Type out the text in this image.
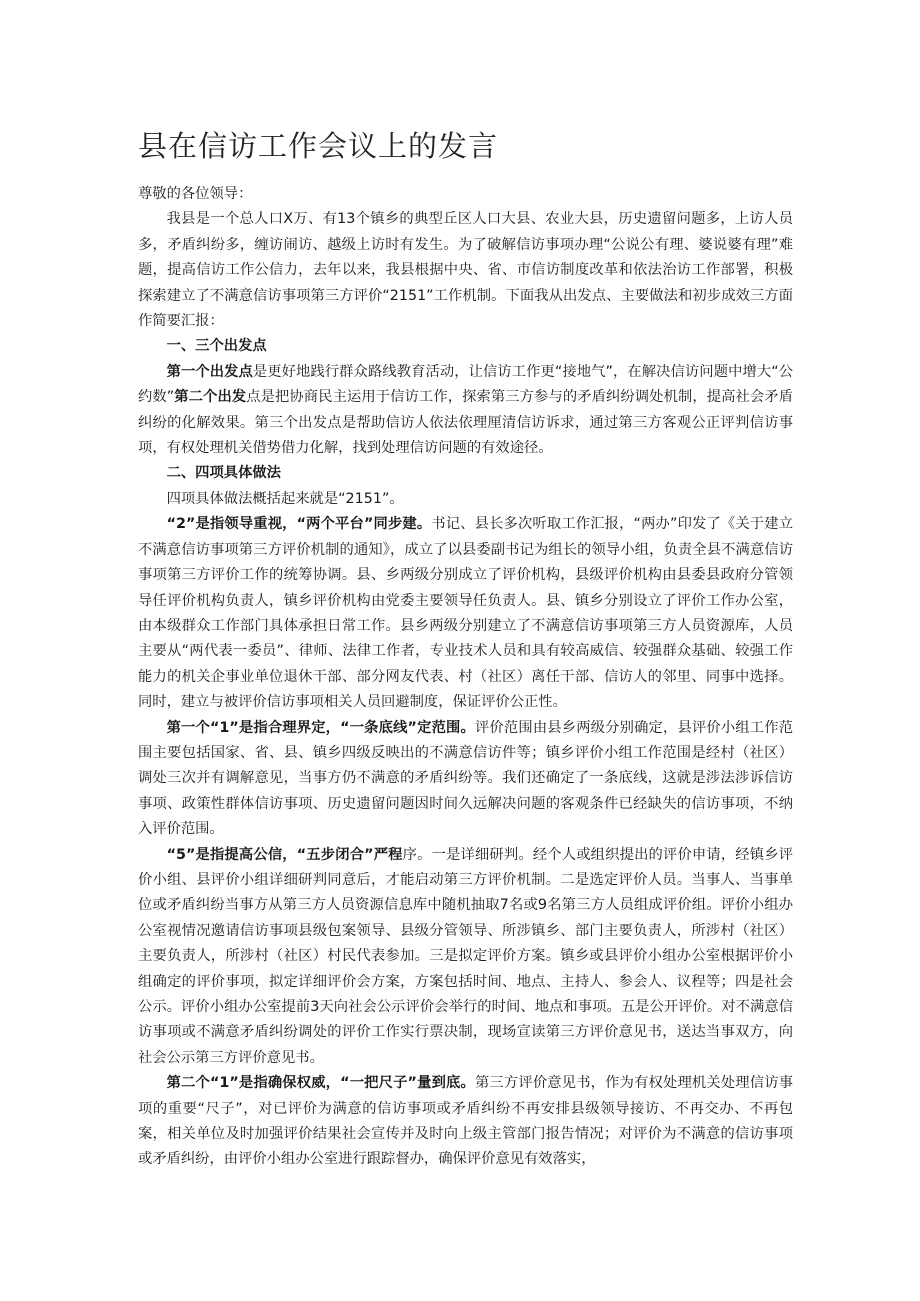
县在信访工作会议上的发言

尊敬的各位领导：

我县是一个总人口X万、有13个镇乡的典型丘区人口大县、农业大县，历史遗留问题多，上访人员多，矛盾纠纷多，缠访闹访、越级上访时有发生。为了破解信访事项办理“公说公有理、婆说婆有理”难题，提高信访工作公信力，去年以来，我县根据中央、省、市信访制度改革和依法治访工作部署，积极探索建立了不满意信访事项第三方评价“2151”工作机制。下面我从出发点、主要做法和初步成效三方面作简要汇报：

一、三个出发点

第一个出发点是更好地践行群众路线教育活动，让信访工作更“接地气”，在解决信访问题中增大“公约数”第二个出发点是把协商民主运用于信访工作，探索第三方参与的矛盾纠纷调处机制，提高社会矛盾纠纷的化解效果。第三个出发点是帮助信访人依法依理厘清信访诉求，通过第三方客观公正评判信访事项，有权处理机关借势借力化解，找到处理信访问题的有效途径。

二、四项具体做法

四项具体做法概括起来就是“2151”。

“2”是指领导重视，“两个平台”同步建。书记、县长多次听取工作汇报，“两办”印发了《关于建立不满意信访事项第三方评价机制的通知》，成立了以县委副书记为组长的领导小组，负责全县不满意信访事项第三方评价工作的统筹协调。县、乡两级分别成立了评价机构，县级评价机构由县委县政府分管领导任评价机构负责人，镇乡评价机构由党委主要领导任负责人。县、镇乡分别设立了评价工作办公室，由本级群众工作部门具体承担日常工作。县乡两级分别建立了不满意信访事项第三方人员资源库，人员主要从“两代表一委员”、律师、法律工作者，专业技术人员和具有较高威信、较强群众基础、较强工作能力的机关企事业单位退休干部、部分网友代表、村（社区）离任干部、信访人的邻里、同事中选择。同时，建立与被评价信访事项相关人员回避制度，保证评价公正性。

第一个“1”是指合理界定，“一条底线”定范围。评价范围由县乡两级分别确定，县评价小组工作范围主要包括国家、省、县、镇乡四级反映出的不满意信访件等；镇乡评价小组工作范围是经村（社区）调处三次并有调解意见，当事方仍不满意的矛盾纠纷等。我们还确定了一条底线，这就是涉法涉诉信访事项、政策性群体信访事项、历史遗留问题因时间久远解决问题的客观条件已经缺失的信访事项，不纳入评价范围。

“5”是指提高公信，“五步闭合”严程序。一是详细研判。经个人或组织提出的评价申请，经镇乡评价小组、县评价小组详细研判同意后，才能启动第三方评价机制。二是选定评价人员。当事人、当事单位或矛盾纠纷当事方从第三方人员资源信息库中随机抽取7名或9名第三方人员组成评价组。评价小组办公室视情况邀请信访事项县级包案领导、县级分管领导、所涉镇乡、部门主要负责人，所涉村（社区）主要负责人，所涉村（社区）村民代表参加。三是拟定评价方案。镇乡或县评价小组办公室根据评价小组确定的评价事项，拟定详细评价会方案，方案包括时间、地点、主持人、参会人、议程等；四是社会公示。评价小组办公室提前3天向社会公示评价会举行的时间、地点和事项。五是公开评价。对不满意信访事项或不满意矛盾纠纷调处的评价工作实行票决制，现场宣读第三方评价意见书，送达当事双方，向社会公示第三方评价意见书。

第二个“1”是指确保权威，“一把尺子”量到底。第三方评价意见书，作为有权处理机关处理信访事项的重要“尺子”，对已评价为满意的信访事项或矛盾纠纷不再安排县级领导接访、不再交办、不再包案，相关单位及时加强评价结果社会宣传并及时向上级主管部门报告情况；对评价为不满意的信访事项或矛盾纠纷，由评价小组办公室进行跟踪督办，确保评价意见有效落实，
